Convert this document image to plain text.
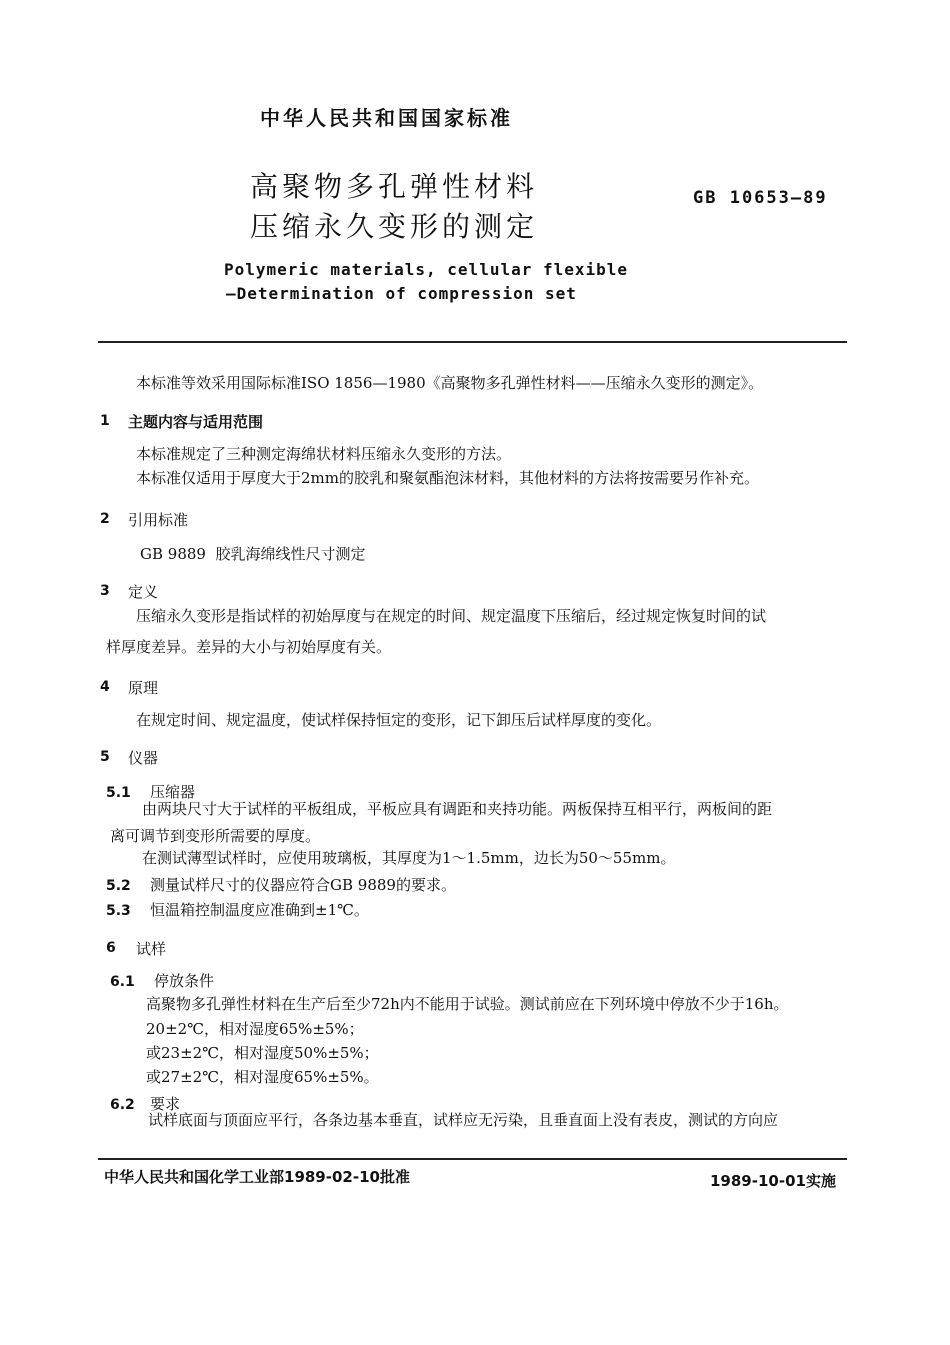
中华人民共和国国家标准
高聚物多孔弹性材料
压缩永久变形的测定
GB 10653—89
Polymeric materials, cellular flexible
—Determination of compression set
本标准等效采用国际标准ISO 1856—1980《高聚物多孔弹性材料——压缩永久变形的测定》。
1 主题内容与适用范围
本标准规定了三种测定海绵状材料压缩永久变形的方法。
本标准仅适用于厚度大于2mm的胶乳和聚氨酯泡沫材料，其他材料的方法将按需要另作补充。
2 引用标准
GB 9889  胶乳海绵线性尺寸测定
3 定义
压缩永久变形是指试样的初始厚度与在规定的时间、规定温度下压缩后，经过规定恢复时间的试
样厚度差异。差异的大小与初始厚度有关。
4 原理
在规定时间、规定温度，使试样保持恒定的变形，记下卸压后试样厚度的变化。
5 仪器
5.1 压缩器
由两块尺寸大于试样的平板组成，平板应具有调距和夹持功能。两板保持互相平行，两板间的距
离可调节到变形所需要的厚度。
在测试薄型试样时，应使用玻璃板，其厚度为1～1.5mm，边长为50～55mm。
5.2 测量试样尺寸的仪器应符合GB 9889的要求。
5.3 恒温箱控制温度应准确到±1℃。
6 试样
6.1 停放条件
高聚物多孔弹性材料在生产后至少72h内不能用于试验。测试前应在下列环境中停放不少于16h。
20±2℃，相对湿度65%±5%；
或23±2℃，相对湿度50%±5%；
或27±2℃，相对湿度65%±5%。
6.2 要求
试样底面与顶面应平行，各条边基本垂直，试样应无污染，且垂直面上没有表皮，测试的方向应
中华人民共和国化学工业部1989-02-10批准	1989-10-01实施
